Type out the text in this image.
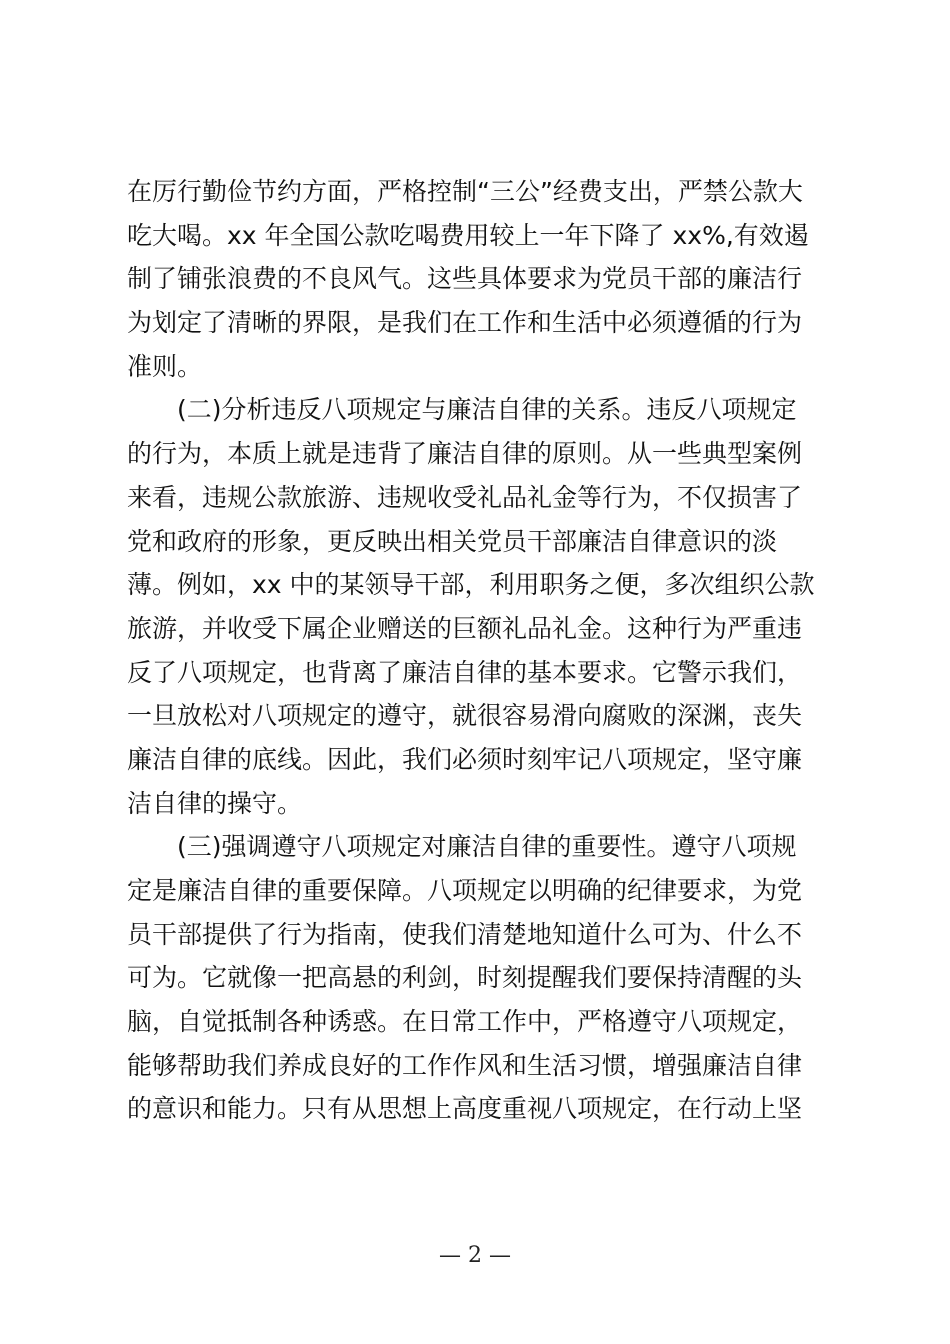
在厉行勤俭节约方面，严格控制“三公”经费支出，严禁公款大
吃大喝。xx 年全国公款吃喝费用较上一年下降了 xx%,有效遏
制了铺张浪费的不良风气。这些具体要求为党员干部的廉洁行
为划定了清晰的界限，是我们在工作和生活中必须遵循的行为
准则。
(二)分析违反八项规定与廉洁自律的关系。违反八项规定
的行为，本质上就是违背了廉洁自律的原则。从一些典型案例
来看，违规公款旅游、违规收受礼品礼金等行为，不仅损害了
党和政府的形象，更反映出相关党员干部廉洁自律意识的淡
薄。例如，xx 中的某领导干部，利用职务之便，多次组织公款
旅游，并收受下属企业赠送的巨额礼品礼金。这种行为严重违
反了八项规定，也背离了廉洁自律的基本要求。它警示我们，
一旦放松对八项规定的遵守，就很容易滑向腐败的深渊，丧失
廉洁自律的底线。因此，我们必须时刻牢记八项规定，坚守廉
洁自律的操守。
(三)强调遵守八项规定对廉洁自律的重要性。遵守八项规
定是廉洁自律的重要保障。八项规定以明确的纪律要求，为党
员干部提供了行为指南，使我们清楚地知道什么可为、什么不
可为。它就像一把高悬的利剑，时刻提醒我们要保持清醒的头
脑，自觉抵制各种诱惑。在日常工作中，严格遵守八项规定，
能够帮助我们养成良好的工作作风和生活习惯，增强廉洁自律
的意识和能力。只有从思想上高度重视八项规定，在行动上坚
— 2 —
